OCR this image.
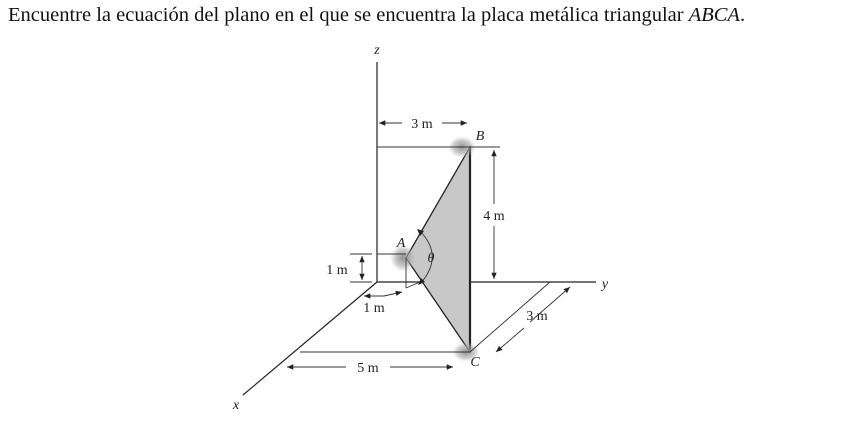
Encuentre la ecuación del plano en el que se encuentra la placa metálica triangular ABCA.
3 m
4 m
1 m
1 m
5 m
3 m
θ
B
A
C
z
y
x
